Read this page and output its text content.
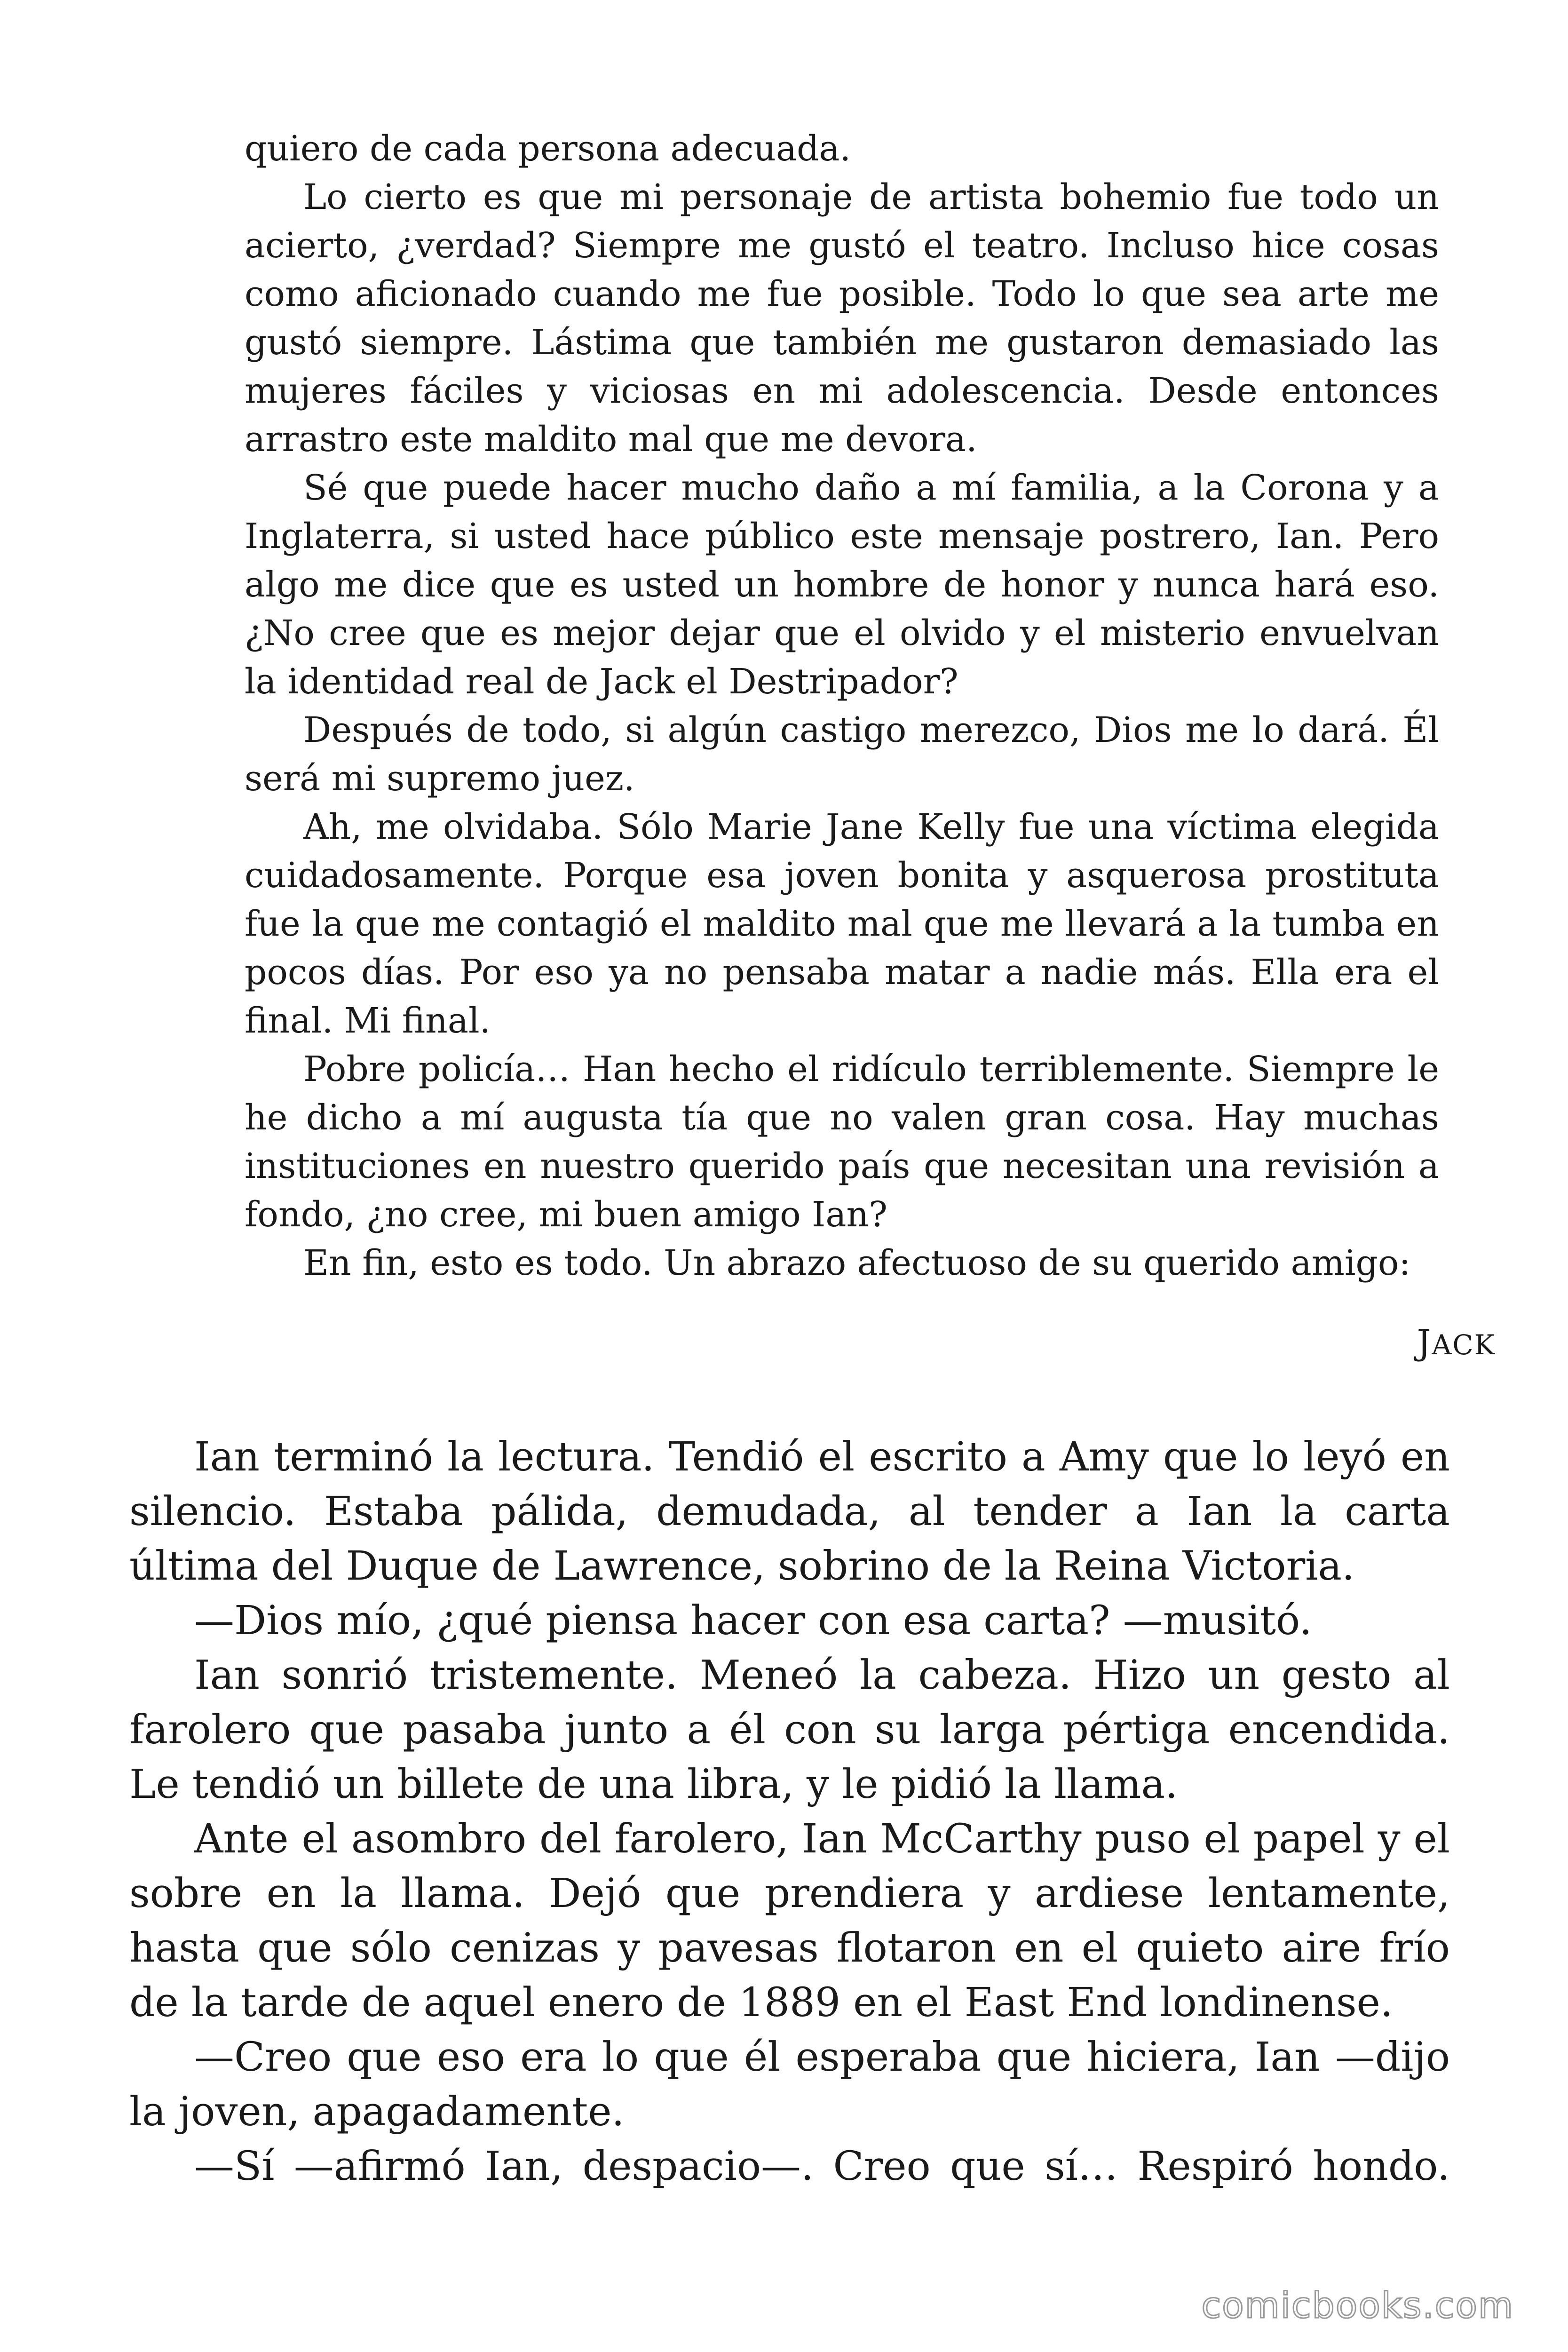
quiero de cada persona adecuada.

Lo cierto es que mi personaje de artista bohemio fue todo un acierto, ¿verdad? Siempre me gustó el teatro. Incluso hice cosas como aficionado cuando me fue posible. Todo lo que sea arte me gustó siempre. Lástima que también me gustaron demasiado las mujeres fáciles y viciosas en mi adolescencia. Desde entonces arrastro este maldito mal que me devora.

Sé que puede hacer mucho daño a mí familia, a la Corona y a Inglaterra, si usted hace público este mensaje postrero, Ian. Pero algo me dice que es usted un hombre de honor y nunca hará eso. ¿No cree que es mejor dejar que el olvido y el misterio envuelvan la identidad real de Jack el Destripador?

Después de todo, si algún castigo merezco, Dios me lo dará. Él será mi supremo juez.

Ah, me olvidaba. Sólo Marie Jane Kelly fue una víctima elegida cuidadosamente. Porque esa joven bonita y asquerosa prostituta fue la que me contagió el maldito mal que me llevará a la tumba en pocos días. Por eso ya no pensaba matar a nadie más. Ella era el final. Mi final.

Pobre policía… Han hecho el ridículo terriblemente. Siempre le he dicho a mí augusta tía que no valen gran cosa. Hay muchas instituciones en nuestro querido país que necesitan una revisión a fondo, ¿no cree, mi buen amigo Ian?

En fin, esto es todo. Un abrazo afectuoso de su querido amigo:

JACK

Ian terminó la lectura. Tendió el escrito a Amy que lo leyó en silencio. Estaba pálida, demudada, al tender a Ian la carta última del Duque de Lawrence, sobrino de la Reina Victoria.

—Dios mío, ¿qué piensa hacer con esa carta? —musitó.

Ian sonrió tristemente. Meneó la cabeza. Hizo un gesto al farolero que pasaba junto a él con su larga pértiga encendida. Le tendió un billete de una libra, y le pidió la llama.

Ante el asombro del farolero, Ian McCarthy puso el papel y el sobre en la llama. Dejó que prendiera y ardiese lentamente, hasta que sólo cenizas y pavesas flotaron en el quieto aire frío de la tarde de aquel enero de 1889 en el East End londinense.

—Creo que eso era lo que él esperaba que hiciera, Ian —dijo la joven, apagadamente.

—Sí —afirmó Ian, despacio—. Creo que sí… Respiró hondo.

comicbooks.com
